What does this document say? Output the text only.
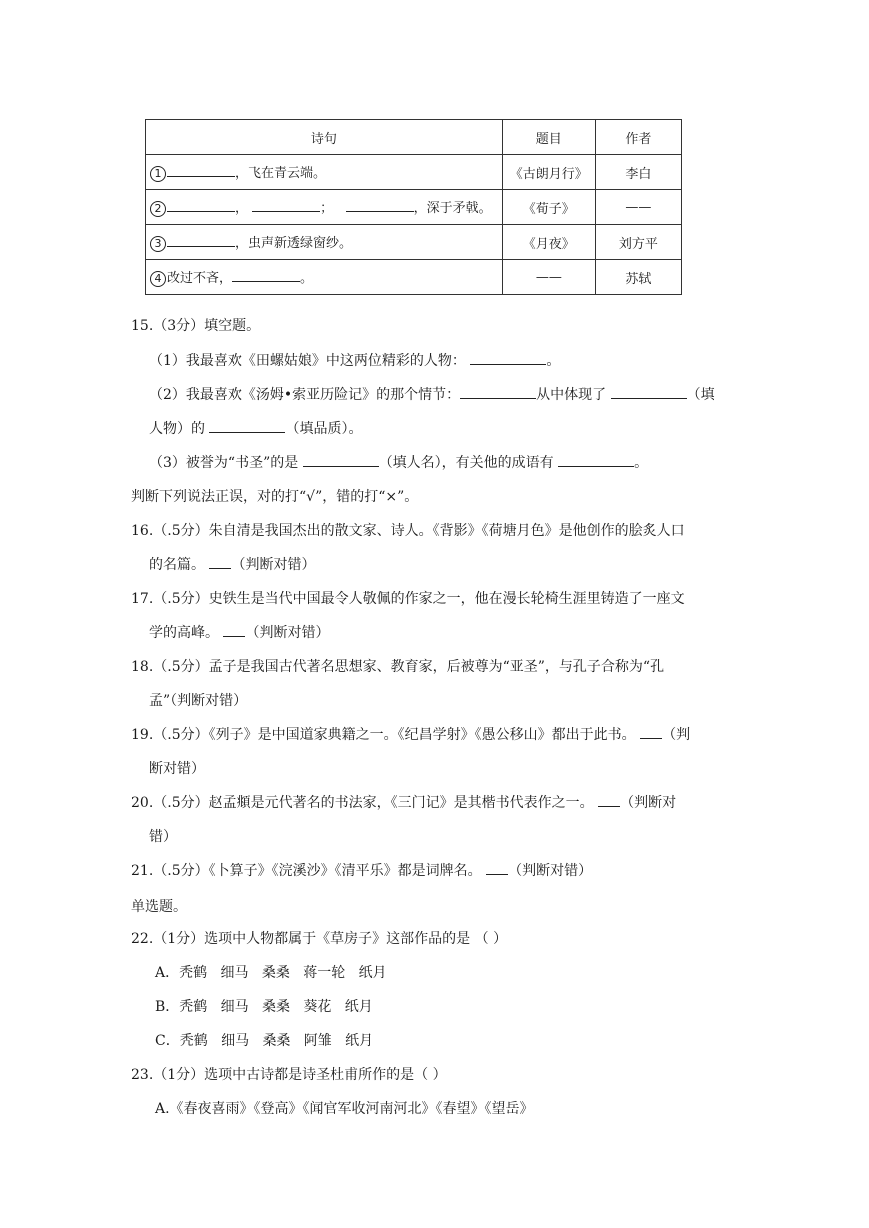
诗句	题目	作者
1 ，飞在青云端。	《古朗月行》	李白
2 ， ； ，深于矛戟。	《荀子》	——
3 ，虫声新透绿窗纱。	《月夜》	刘方平
4 改过不吝， 。	——	苏轼
15.（3分）填空题。
（1）我最喜欢《田螺姑娘》中这两位精彩的人物：	。
（2）我最喜欢《汤姆•索亚历险记》的那个情节：	从中体现了	（填
人物）的	（填品质）。
（3）被誉为“书圣”的是	（填人名），有关他的成语有	。
判断下列说法正误，对的打“√”，错的打“×”。
16.（.5分）朱自清是我国杰出的散文家、诗人。《背影》《荷塘月色》是他创作的脍炙人口
的名篇。 （判断对错）
17.（.5分）史铁生是当代中国最令人敬佩的作家之一，他在漫长轮椅生涯里铸造了一座文
学的高峰。 （判断对错）
18.（.5分）孟子是我国古代著名思想家、教育家，后被尊为“亚圣”，与孔子合称为“孔
孟”（判断对错）
19.（.5分）《列子》是中国道家典籍之一。《纪昌学射》《愚公移山》都出于此书。 （判
断对错）
20.（.5分）赵孟頫是元代著名的书法家，《三门记》是其楷书代表作之一。 （判断对
错）
21.（.5分）《卜算子》《浣溪沙》《清平乐》都是词牌名。 （判断对错）
单选题。
22.（1分）选项中人物都属于《草房子》这部作品的是 （ ）
A．秃鹤 细马 桑桑 蒋一轮 纸月
B．秃鹤 细马 桑桑 葵花 纸月
C．秃鹤 细马 桑桑 阿雏 纸月
23.（1分）选项中古诗都是诗圣杜甫所作的是（ ）
A.《春夜喜雨》《登高》《闻官军收河南河北》《春望》《望岳》
